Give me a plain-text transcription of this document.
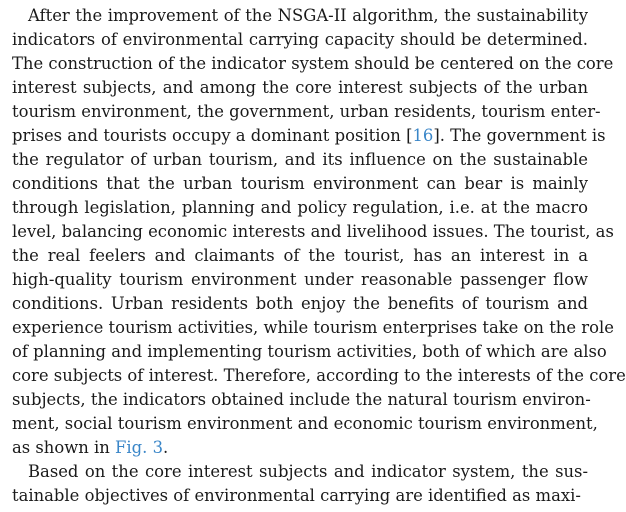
After the improvement of the NSGA-II algorithm, the sustainability
indicators of environmental carrying capacity should be determined.
The construction of the indicator system should be centered on the core
interest subjects, and among the core interest subjects of the urban
tourism environment, the government, urban residents, tourism enter-
prises and tourists occupy a dominant position [16]. The government is
the regulator of urban tourism, and its influence on the sustainable
conditions that the urban tourism environment can bear is mainly
through legislation, planning and policy regulation, i.e. at the macro
level, balancing economic interests and livelihood issues. The tourist, as
the real feelers and claimants of the tourist, has an interest in a
high-quality tourism environment under reasonable passenger flow
conditions. Urban residents both enjoy the benefits of tourism and
experience tourism activities, while tourism enterprises take on the role
of planning and implementing tourism activities, both of which are also
core subjects of interest. Therefore, according to the interests of the core
subjects, the indicators obtained include the natural tourism environ-
ment, social tourism environment and economic tourism environment,
as shown in Fig. 3.
Based on the core interest subjects and indicator system, the sus-
tainable objectives of environmental carrying are identified as maxi-
